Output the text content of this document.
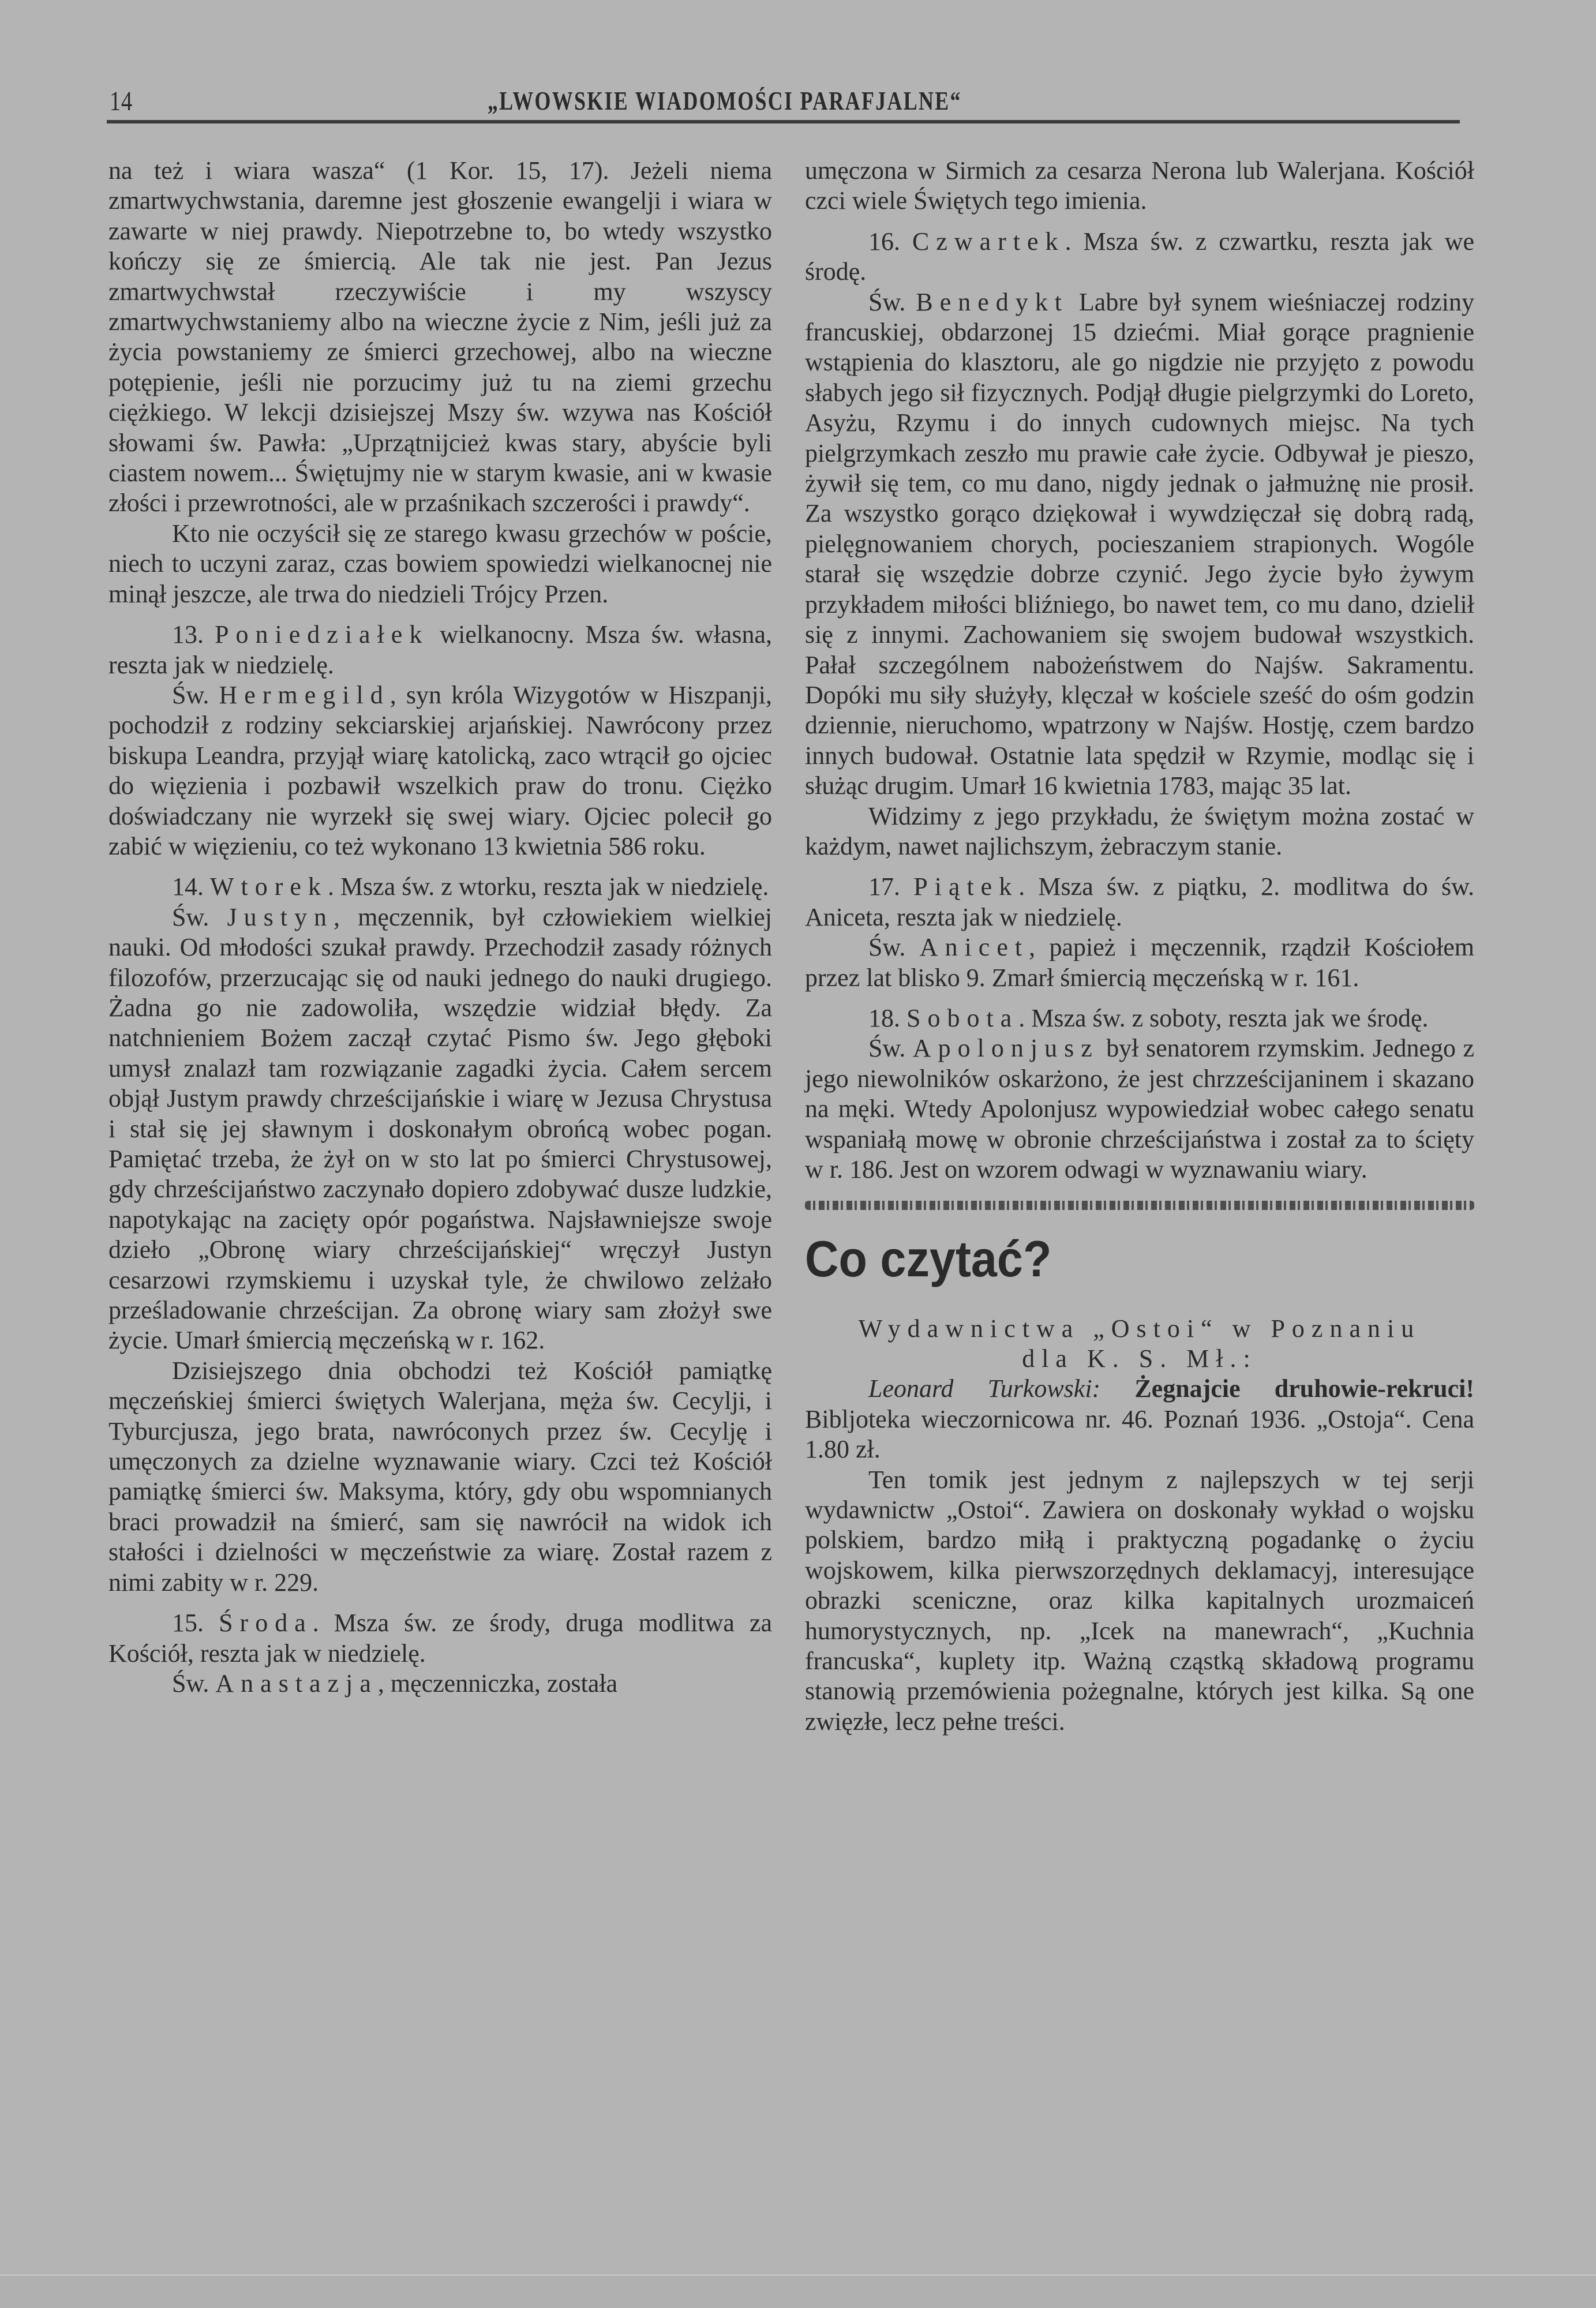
14	„LWOWSKIE WIADOMOŚCI PARAFJALNE“

na też i wiara wasza“ (1 Kor. 15, 17). Jeżeli niema zmartwychwstania, daremne jest głoszenie ewangelji i wiara w zawarte w niej prawdy. Niepotrzebne to, bo wtedy wszystko kończy się ze śmiercią. Ale tak nie jest. Pan Jezus zmartwychwstał rzeczywiście i my wszyscy zmartwychwstaniemy albo na wieczne życie z Nim, jeśli już za życia powstaniemy ze śmierci grzechowej, albo na wieczne potępienie, jeśli nie porzucimy już tu na ziemi grzechu ciężkiego. W lekcji dzisiejszej Mszy św. wzywa nas Kościół słowami św. Pawła: „Uprzątnijcież kwas stary, abyście byli ciastem nowem... Świętujmy nie w starym kwasie, ani w kwasie złości i przewrotności, ale w przaśnikach szczerości i prawdy“.

Kto nie oczyścił się ze starego kwasu grzechów w poście, niech to uczyni zaraz, czas bowiem spowiedzi wielkanocnej nie minął jeszcze, ale trwa do niedzieli Trójcy Przen.

13. Poniedziałek wielkanocny. Msza św. własna, reszta jak w niedzielę.

Św. Hermegild, syn króla Wizygotów w Hiszpanji, pochodził z rodziny sekciarskiej arjańskiej. Nawrócony przez biskupa Leandra, przyjął wiarę katolicką, zaco wtrącił go ojciec do więzienia i pozbawił wszelkich praw do tronu. Ciężko doświadczany nie wyrzekł się swej wiary. Ojciec polecił go zabić w więzieniu, co też wykonano 13 kwietnia 586 roku.

14. Wtorek. Msza św. z wtorku, reszta jak w niedzielę.

Św. Justyn, męczennik, był człowiekiem wielkiej nauki. Od młodości szukał prawdy. Przechodził zasady różnych filozofów, przerzucając się od nauki jednego do nauki drugiego. Żadna go nie zadowoliła, wszędzie widział błędy. Za natchnieniem Bożem zaczął czytać Pismo św. Jego głęboki umysł znalazł tam rozwiązanie zagadki życia. Całem sercem objął Justym prawdy chrześcijańskie i wiarę w Jezusa Chrystusa i stał się jej sławnym i doskonałym obrońcą wobec pogan. Pamiętać trzeba, że żył on w sto lat po śmierci Chrystusowej, gdy chrześcijaństwo zaczynało dopiero zdobywać dusze ludzkie, napotykając na zacięty opór pogaństwa. Najsławniejsze swoje dzieło „Obronę wiary chrześcijańskiej“ wręczył Justyn cesarzowi rzymskiemu i uzyskał tyle, że chwilowo zelżało prześladowanie chrześcijan. Za obronę wiary sam złożył swe życie. Umarł śmiercią męczeńską w r. 162.

Dzisiejszego dnia obchodzi też Kościół pamiątkę męczeńskiej śmierci świętych Walerjana, męża św. Cecylji, i Tyburcjusza, jego brata, nawróconych przez św. Cecylję i umęczonych za dzielne wyznawanie wiary. Czci też Kościół pamiątkę śmierci św. Maksyma, który, gdy obu wspomnianych braci prowadził na śmierć, sam się nawrócił na widok ich stałości i dzielności w męczeństwie za wiarę. Został razem z nimi zabity w r. 229.

15. Środa. Msza św. ze środy, druga modlitwa za Kościół, reszta jak w niedzielę.

Św. Anastazja, męczenniczka, została

umęczona w Sirmich za cesarza Nerona lub Walerjana. Kościół czci wiele Świętych tego imienia.

16. Czwartek. Msza św. z czwartku, reszta jak we środę.

Św. Benedykt Labre był synem wieśniaczej rodziny francuskiej, obdarzonej 15 dziećmi. Miał gorące pragnienie wstąpienia do klasztoru, ale go nigdzie nie przyjęto z powodu słabych jego sił fizycznych. Podjął długie pielgrzymki do Loreto, Asyżu, Rzymu i do innych cudownych miejsc. Na tych pielgrzymkach zeszło mu prawie całe życie. Odbywał je pieszo, żywił się tem, co mu dano, nigdy jednak o jałmużnę nie prosił. Za wszystko gorąco dziękował i wywdzięczał się dobrą radą, pielęgnowaniem chorych, pocieszaniem strapionych. Wogóle starał się wszędzie dobrze czynić. Jego życie było żywym przykładem miłości bliźniego, bo nawet tem, co mu dano, dzielił się z innymi. Zachowaniem się swojem budował wszystkich. Pałał szczególnem nabożeństwem do Najśw. Sakramentu. Dopóki mu siły służyły, klęczał w kościele sześć do ośm godzin dziennie, nieruchomo, wpatrzony w Najśw. Hostję, czem bardzo innych budował. Ostatnie lata spędził w Rzymie, modląc się i służąc drugim. Umarł 16 kwietnia 1783, mając 35 lat.

Widzimy z jego przykładu, że świętym można zostać w każdym, nawet najlichszym, żebraczym stanie.

17. Piątek. Msza św. z piątku, 2. modlitwa do św. Aniceta, reszta jak w niedzielę.

Św. Anicet, papież i męczennik, rządził Kościołem przez lat blisko 9. Zmarł śmiercią męczeńską w r. 161.

18. Sobota. Msza św. z soboty, reszta jak we środę.

Św. Apolonjusz był senatorem rzymskim. Jednego z jego niewolników oskarżono, że jest chrzześcijaninem i skazano na męki. Wtedy Apolonjusz wypowiedział wobec całego senatu wspaniałą mowę w obronie chrześcijaństwa i został za to ścięty w r. 186. Jest on wzorem odwagi w wyznawaniu wiary.

Co czytać?
Wydawnictwa „Ostoi“ w Poznaniu
dla K. S. Mł.:

Leonard Turkowski: Żegnajcie druhowie-rekruci! Bibljoteka wieczornicowa nr. 46. Poznań 1936. „Ostoja“. Cena 1.80 zł.

Ten tomik jest jednym z najlepszych w tej serji wydawnictw „Ostoi“. Zawiera on doskonały wykład o wojsku polskiem, bardzo miłą i praktyczną pogadankę o życiu wojskowem, kilka pierwszorzędnych deklamacyj, interesujące obrazki sceniczne, oraz kilka kapitalnych urozmaiceń humorystycznych, np. „Icek na manewrach“, „Kuchnia francuska“, kuplety itp. Ważną cząstką składową programu stanowią przemówienia pożegnalne, których jest kilka. Są one zwięzłe, lecz pełne treści.
